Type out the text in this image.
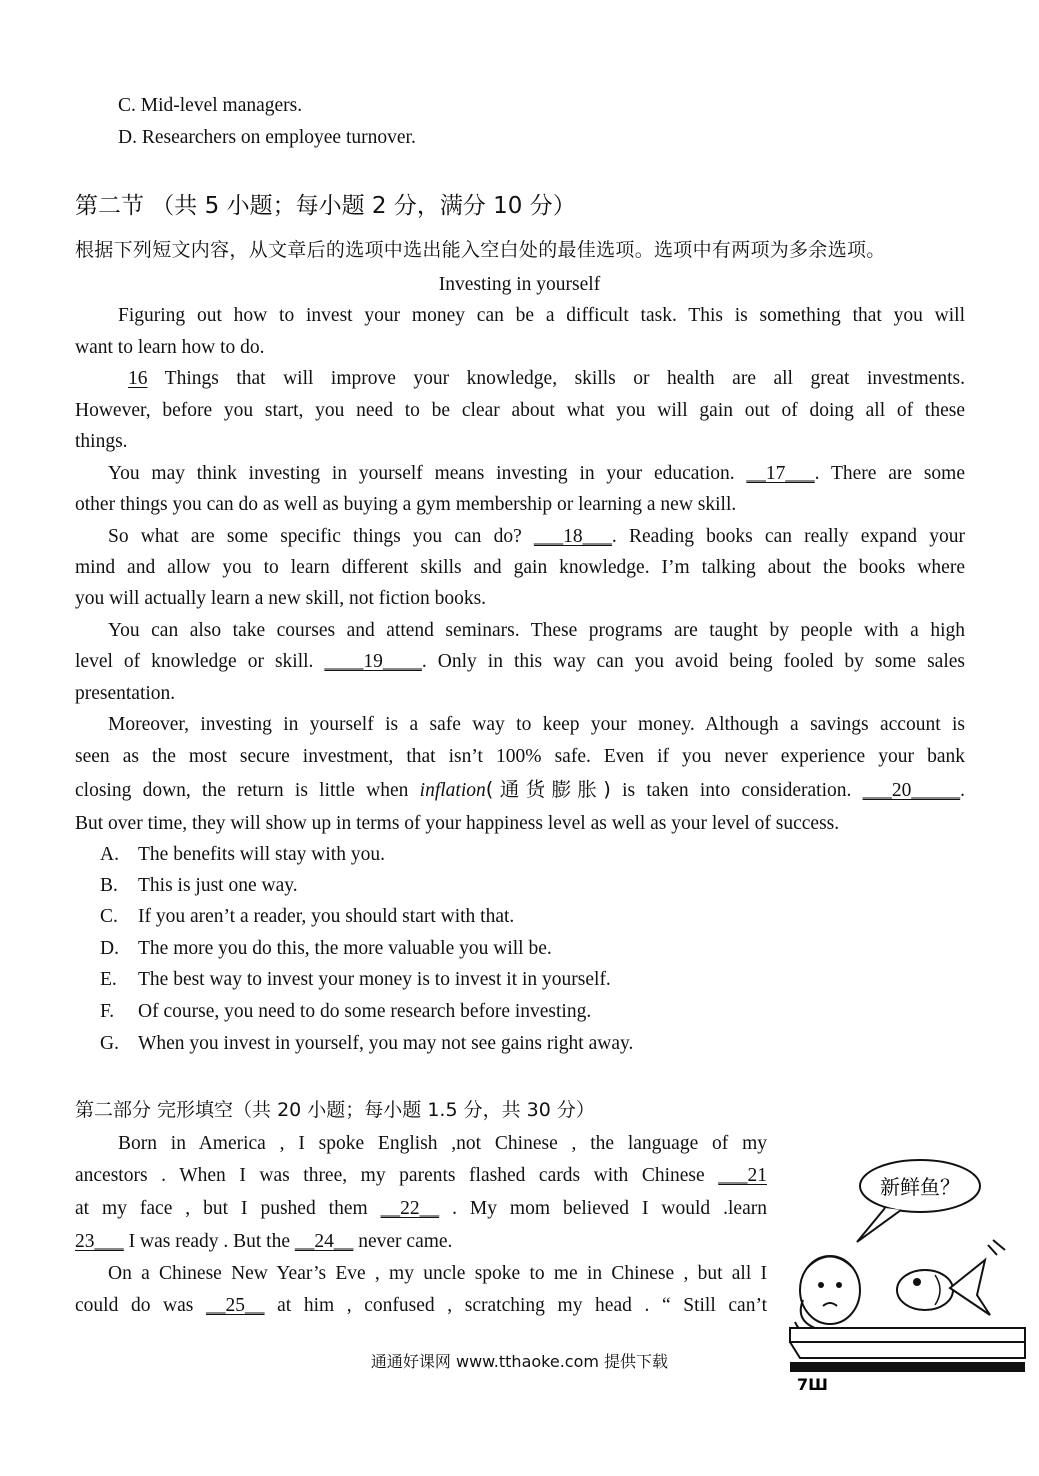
C. Mid-level managers.
D. Researchers on employee turnover.
第二节 （共 5 小题；每小题 2 分，满分 10 分）
根据下列短文内容，从文章后的选项中选出能入空白处的最佳选项。选项中有两项为多余选项。
Investing in yourself
Figuring out how to invest your money can be a difficult task. This is something that you will
want to learn how to do.
16 Things that will improve your knowledge, skills or health are all great investments.
However, before you start, you need to be clear about what you will gain out of doing all of these
things.
You may think investing in yourself means investing in your education. __17___. There are some
other things you can do as well as buying a gym membership or learning a new skill.
So what are some specific things you can do? ___18___. Reading books can really expand your
mind and allow you to learn different skills and gain knowledge. I’m talking about the books where
you will actually learn a new skill, not fiction books.
You can also take courses and attend seminars. These programs are taught by people with a high
level of knowledge or skill. ____19____. Only in this way can you avoid being fooled by some sales
presentation.
Moreover, investing in yourself is a safe way to keep your money. Although a savings account is
seen as the most secure investment, that isn’t 100% safe. Even if you never experience your bank
closing down, the return is little when inflation(通货膨胀) is taken into consideration. ___20_____.
But over time, they will show up in terms of your happiness level as well as your level of success.
A. The benefits will stay with you.
B. This is just one way.
C. If you aren’t a reader, you should start with that.
D. The more you do this, the more valuable you will be.
E. The best way to invest your money is to invest it in yourself.
F. Of course, you need to do some research before investing.
G. When you invest in yourself, you may not see gains right away.
第二部分 完形填空（共 20 小题；每小题 1.5 分，共 30 分）
Born in America , I spoke English ,not Chinese , the language of my
ancestors . When I was three, my parents flashed cards with Chinese ___21
at my face , but I pushed them __22__ . My mom believed I would .learn
23___ I was ready . But the __24__ never came.
On a Chinese New Year’s Eve , my uncle spoke to me in Chinese , but all I
could do was __25__ at him , confused , scratching my head . “ Still can’t
新鲜鱼？
7Ш
通通好课网 www.tthaoke.com 提供下载
